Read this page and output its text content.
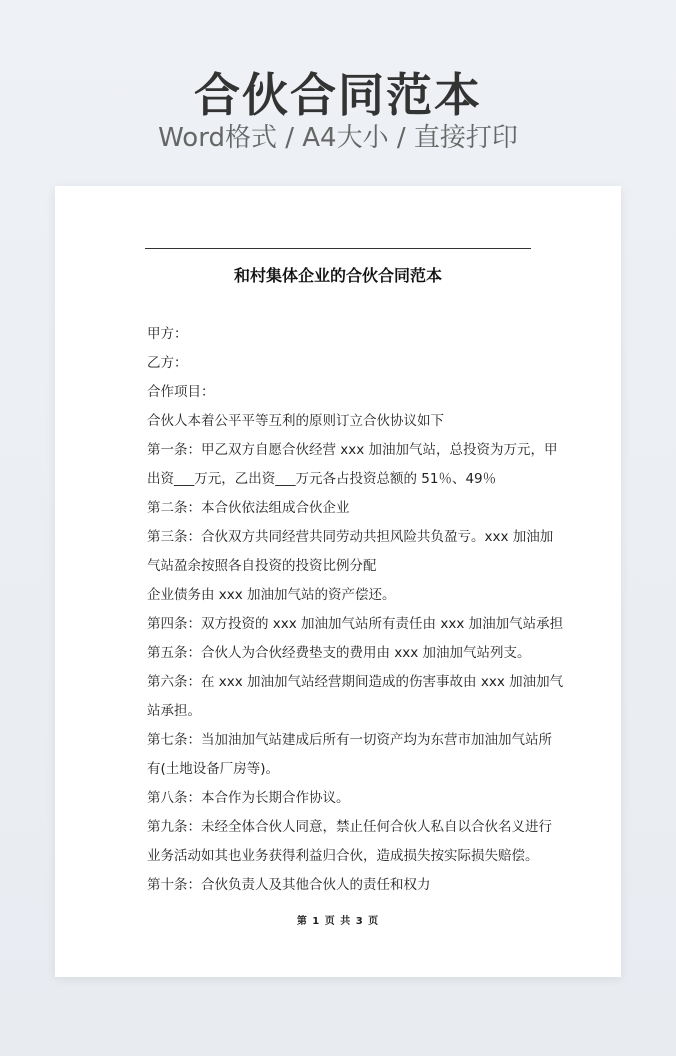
合伙合同范本
Word格式 / A4大小 / 直接打印
和村集体企业的合伙合同范本

甲方：

乙方：

合作项目：

合伙人本着公平平等互利的原则订立合伙协议如下

第一条：甲乙双方自愿合伙经营 xxx 加油加气站，总投资为万元，甲

出资___万元，乙出资___万元各占投资总额的 51％、49％

第二条：本合伙依法组成合伙企业

第三条：合伙双方共同经营共同劳动共担风险共负盈亏。xxx 加油加

气站盈余按照各自投资的投资比例分配

企业债务由 xxx 加油加气站的资产偿还。

第四条：双方投资的 xxx 加油加气站所有责任由 xxx 加油加气站承担

第五条：合伙人为合伙经费垫支的费用由 xxx 加油加气站列支。

第六条：在 xxx 加油加气站经营期间造成的伤害事故由 xxx 加油加气

站承担。

第七条：当加油加气站建成后所有一切资产均为东营市加油加气站所

有(土地设备厂房等)。

第八条：本合作为长期合作协议。

第九条：未经全体合伙人同意，禁止任何合伙人私自以合伙名义进行

业务活动如其也业务获得利益归合伙，造成损失按实际损失赔偿。

第十条：合伙负责人及其他合伙人的责任和权力

第 1 页 共 3 页
